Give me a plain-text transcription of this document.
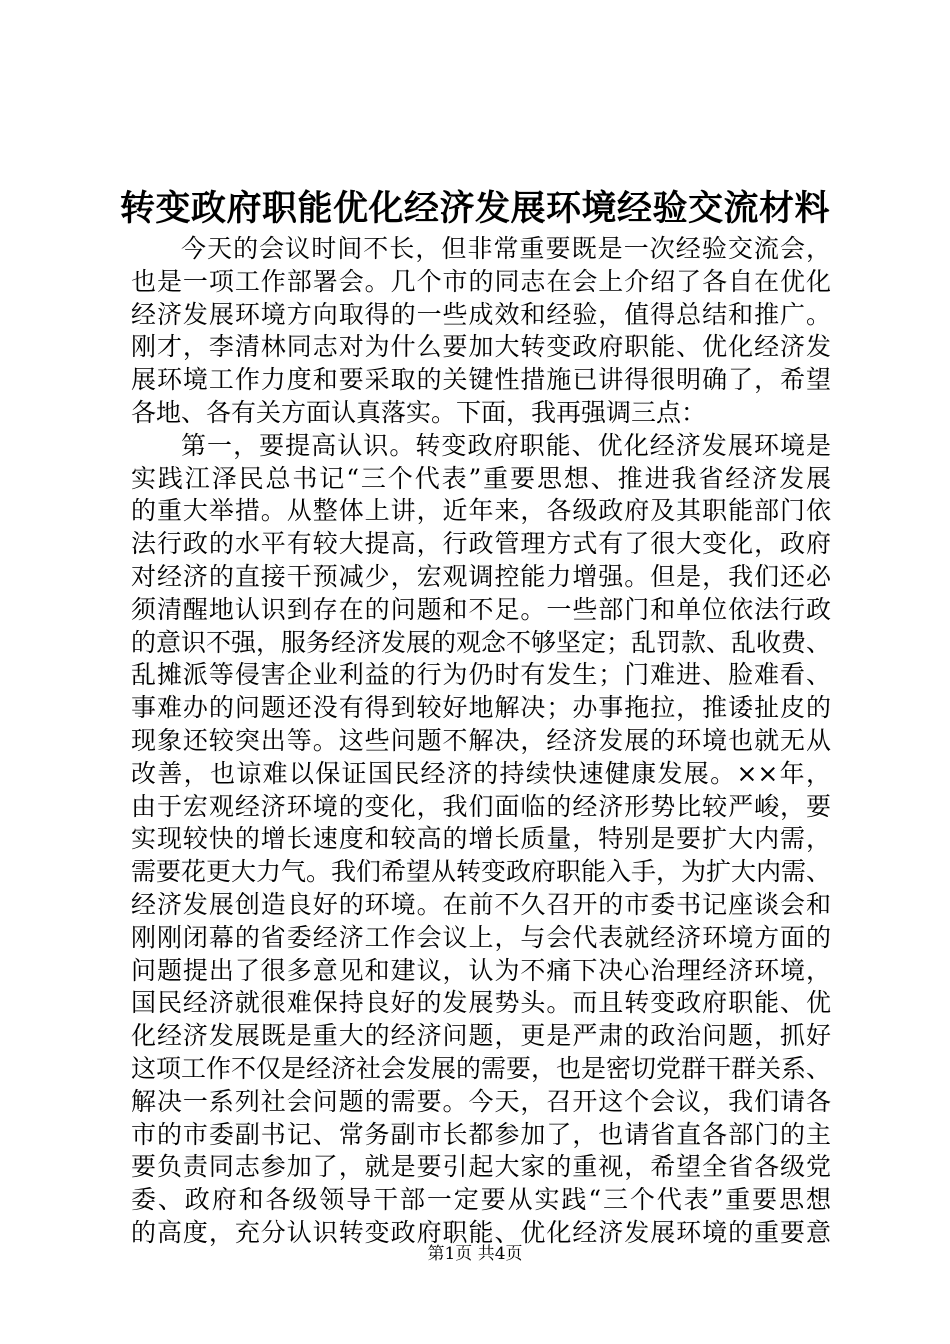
转变政府职能优化经济发展环境经验交流材料
今天的会议时间不长，但非常重要既是一次经验交流会，
也是一项工作部署会。几个市的同志在会上介绍了各自在优化
经济发展环境方向取得的一些成效和经验，值得总结和推广。
刚才，李清林同志对为什么要加大转变政府职能、优化经济发
展环境工作力度和要采取的关键性措施已讲得很明确了，希望
各地、各有关方面认真落实。下面，我再强调三点：
第一，要提高认识。转变政府职能、优化经济发展环境是
实践江泽民总书记“三个代表”重要思想、推进我省经济发展
的重大举措。从整体上讲，近年来，各级政府及其职能部门依
法行政的水平有较大提高，行政管理方式有了很大变化，政府
对经济的直接干预减少，宏观调控能力增强。但是，我们还必
须清醒地认识到存在的问题和不足。一些部门和单位依法行政
的意识不强，服务经济发展的观念不够坚定；乱罚款、乱收费、
乱摊派等侵害企业利益的行为仍时有发生；门难进、脸难看、
事难办的问题还没有得到较好地解决；办事拖拉，推诿扯皮的
现象还较突出等。这些问题不解决，经济发展的环境也就无从
改善，也谅难以保证国民经济的持续快速健康发展。××年，
由于宏观经济环境的变化，我们面临的经济形势比较严峻，要
实现较快的增长速度和较高的增长质量，特别是要扩大内需，
需要花更大力气。我们希望从转变政府职能入手，为扩大内需、
经济发展创造良好的环境。在前不久召开的市委书记座谈会和
刚刚闭幕的省委经济工作会议上，与会代表就经济环境方面的
问题提出了很多意见和建议，认为不痛下决心治理经济环境，
国民经济就很难保持良好的发展势头。而且转变政府职能、优
化经济发展既是重大的经济问题，更是严肃的政治问题，抓好
这项工作不仅是经济社会发展的需要，也是密切党群干群关系、
解决一系列社会问题的需要。今天，召开这个会议，我们请各
市的市委副书记、常务副市长都参加了，也请省直各部门的主
要负责同志参加了，就是要引起大家的重视，希望全省各级党
委、政府和各级领导干部一定要从实践“三个代表”重要思想
的高度，充分认识转变政府职能、优化经济发展环境的重要意
第1页 共4页
